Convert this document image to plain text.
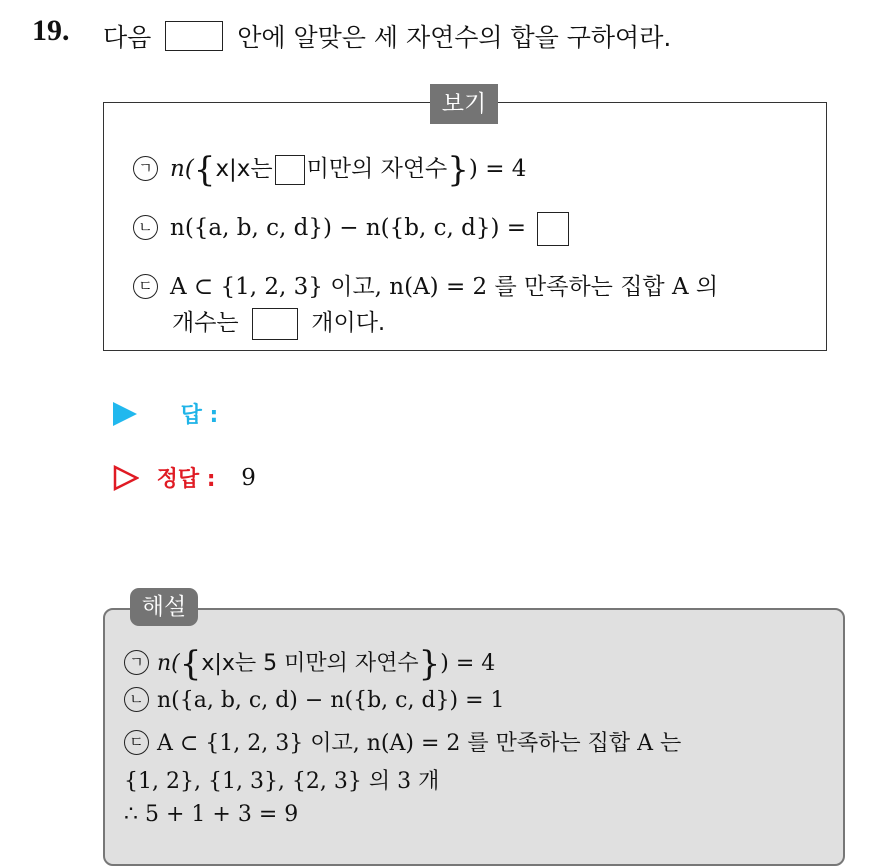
19. 다음	안에 알맞은 세 자연수의 합을 구하여라.
보기
ㄱ n({x|x는 미만의 자연수}) = 4
ㄴ n({a, b, c, d}) − n({b, c, d}) =
ㄷ A ⊂ {1, 2, 3} 이고, n(A) = 2 를 만족하는 집합 A 의
개수는	개이다.
답 :
정답 : 9
해설
ㄱ n({x|x는 5 미만의 자연수}) = 4
ㄴ n({a, b, c, d) − n({b, c, d}) = 1
ㄷ A ⊂ {1, 2, 3} 이고, n(A) = 2 를 만족하는 집합 A 는
{1, 2}, {1, 3}, {2, 3} 의 3 개
∴ 5 + 1 + 3 = 9
